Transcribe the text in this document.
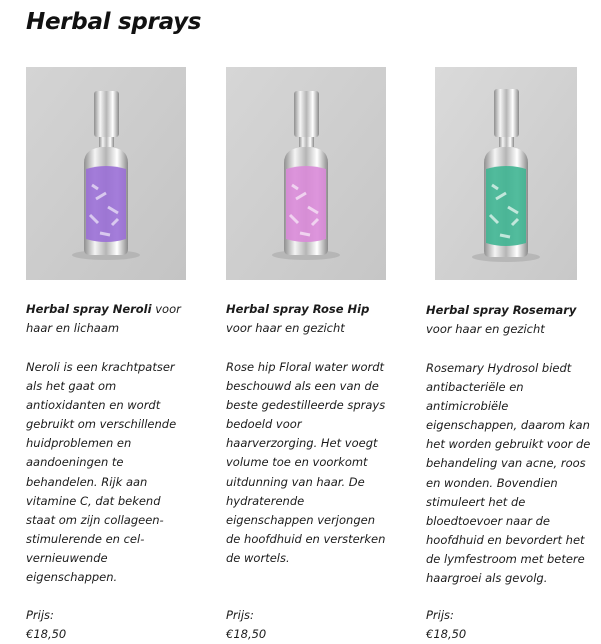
Herbal sprays

Herbal spray Neroli voor haar en lichaam

Neroli is een krachtpatser als het gaat om antioxidanten en wordt gebruikt om verschillende huidproblemen en aandoeningen te behandelen. Rijk aan vitamine C, dat bekend staat om zijn collageen-stimulerende en cel-vernieuwende eigenschappen.

Prijs: €18,50

Herbal spray Rose Hip voor haar en gezicht

Rose hip Floral water wordt beschouwd als een van de beste gedestilleerde sprays bedoeld voor haarverzorging. Het voegt volume toe en voorkomt uitdunning van haar. De hydraterende eigenschappen verjongen de hoofdhuid en versterken de wortels.

Prijs: €18,50

Herbal spray Rosemary voor haar en gezicht

Rosemary Hydrosol biedt antibacteriële en antimicrobiële eigenschappen, daarom kan het worden gebruikt voor de behandeling van acne, roos en wonden. Bovendien stimuleert het de bloedtoevoer naar de hoofdhuid en bevordert het de lymfestroom met betere haargroei als gevolg.

Prijs: €18,50
